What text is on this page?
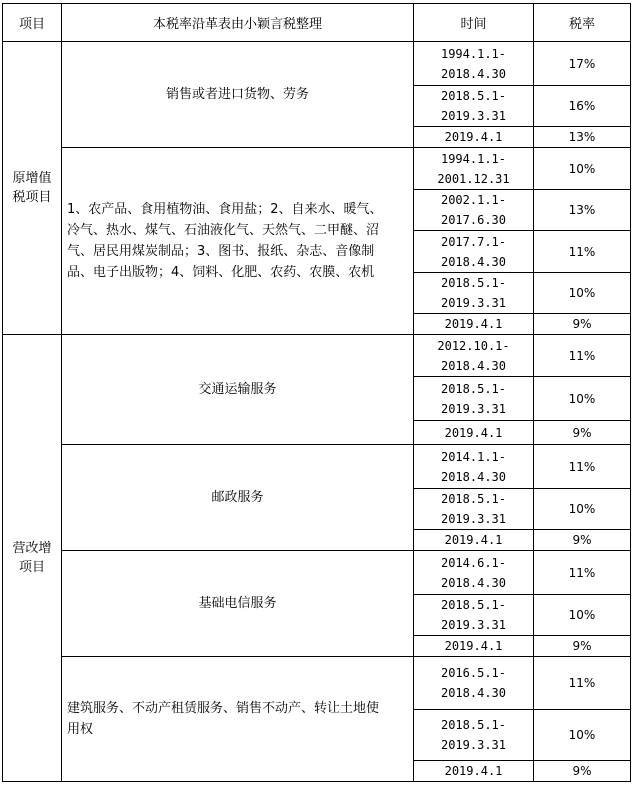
项目	本税率沿革表由小颖言税整理	时间	税率

原增值
税项目	销售或者进口货物、劳务	1994.1.1-
2018.4.30	17%

		2018.5.1-
2019.3.31	16%

		2019.4.1	13%

	1、农产品、食用植物油、食用盐；2、自来水、暖气、
冷气、热水、煤气、石油液化气、天然气、二甲醚、沼
气、居民用煤炭制品；3、图书、报纸、杂志、音像制
品、电子出版物；4、饲料、化肥、农药、农膜、农机	1994.1.1-
2001.12.31	10%

		2002.1.1-
2017.6.30	13%

		2017.7.1-
2018.4.30	11%

		2018.5.1-
2019.3.31	10%

		2019.4.1	9%

营改增
项目	交通运输服务	2012.10.1-
2018.4.30	11%

		2018.5.1-
2019.3.31	10%

		2019.4.1	9%
	邮政服务	2014.1.1-
2018.4.30	11%

		2018.5.1-
2019.3.31	10%

		2019.4.1	9%
	基础电信服务	2014.6.1-
2018.4.30	11%

		2018.5.1-
2019.3.31	10%

		2019.4.1	9%

	建筑服务、不动产租赁服务、销售不动产、转让土地使
用权	2016.5.1-
2018.4.30	11%

		2018.5.1-
2019.3.31	10%

		2019.4.1	9%
